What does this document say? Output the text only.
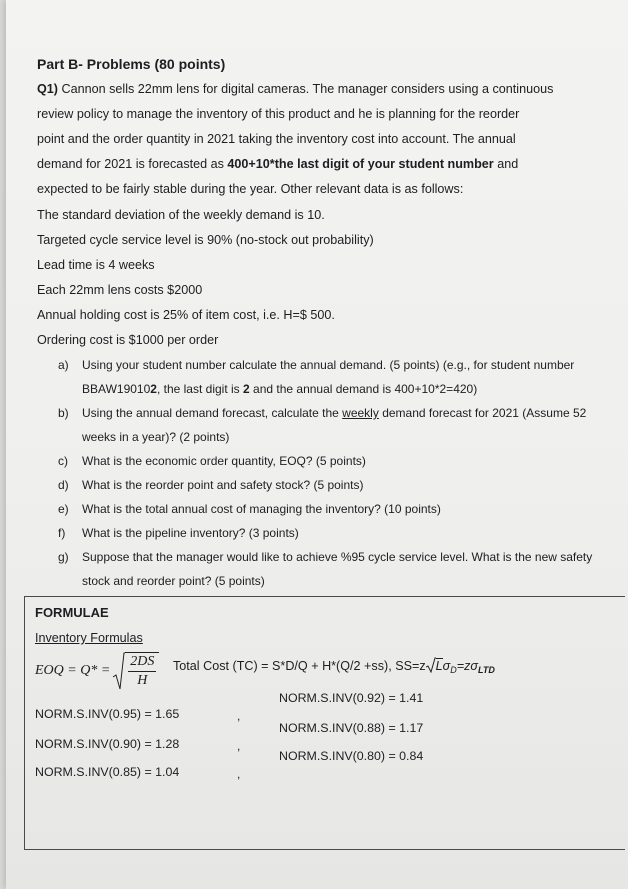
Part B- Problems (80 points)
Q1) Cannon sells 22mm lens for digital cameras. The manager considers using a continuous
review policy to manage the inventory of this product and he is planning for the reorder
point and the order quantity in 2021 taking the inventory cost into account. The annual
demand for 2021 is forecasted as 400+10*the last digit of your student number and
expected to be fairly stable during the year. Other relevant data is as follows:
The standard deviation of the weekly demand is 10.
Targeted cycle service level is 90% (no-stock out probability)
Lead time is 4 weeks
Each 22mm lens costs $2000
Annual holding cost is 25% of item cost, i.e. H=$ 500.
Ordering cost is $1000 per order
a) Using your student number calculate the annual demand. (5 points) (e.g., for student number
BBAW190102, the last digit is 2 and the annual demand is 400+10*2=420)
b) Using the annual demand forecast, calculate the weekly demand forecast for 2021 (Assume 52
weeks in a year)? (2 points)
c) What is the economic order quantity, EOQ? (5 points)
d) What is the reorder point and safety stock? (5 points)
e) What is the total annual cost of managing the inventory? (10 points)
f) What is the pipeline inventory? (3 points)
g) Suppose that the manager would like to achieve %95 cycle service level. What is the new safety
stock and reorder point? (5 points)
FORMULAE
Inventory Formulas
EOQ = $Q* = \frac{2DS}{H}$ Total Cost (TC) = S*D/Q + H*(Q/2 +ss), SS=z $L\sigma_D=z\sigma_{LTD}$
NORM.S.INV(0.95) = 1.65
NORM.S.INV(0.90) = 1.28
NORM.S.INV(0.85) = 1.04
,
,
,
NORM.S.INV(0.92) = 1.41
NORM.S.INV(0.88) = 1.17
NORM.S.INV(0.80) = 0.84
